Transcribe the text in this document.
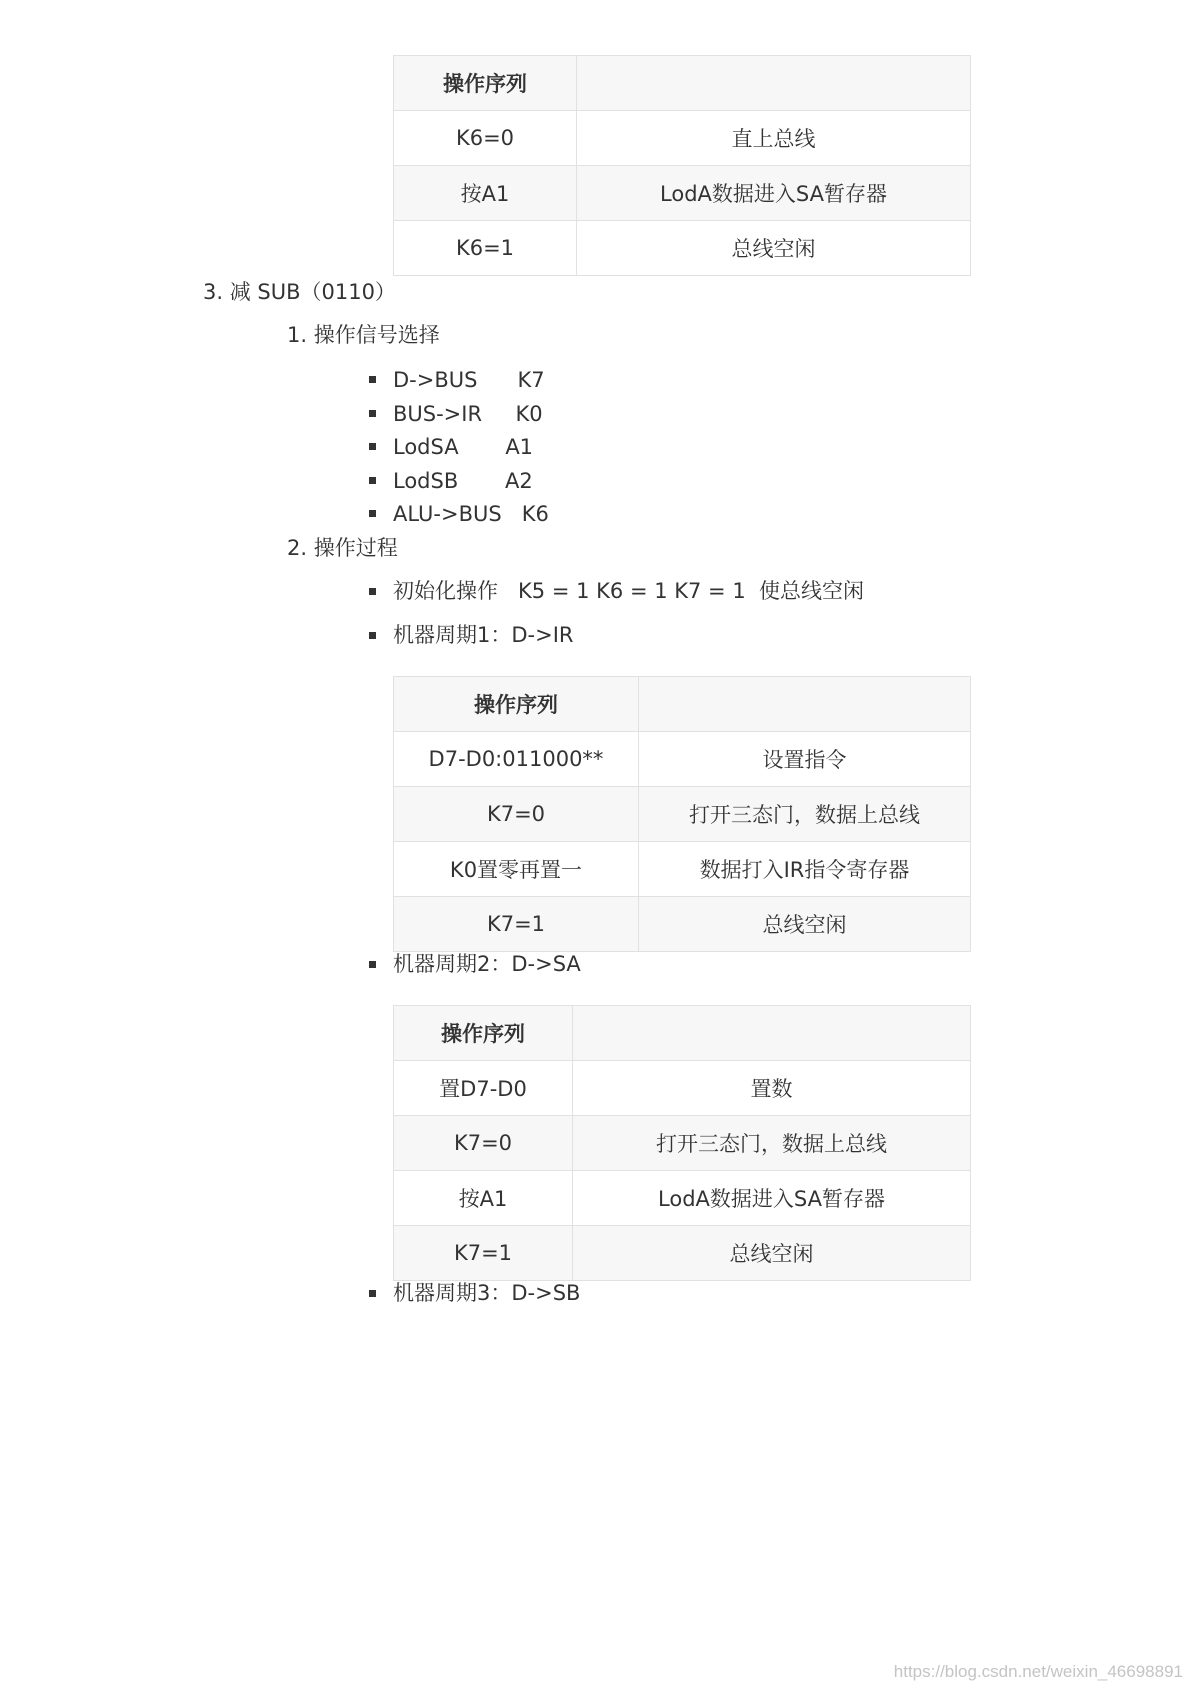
操作序列	
K6=0	直上总线
按A1	LodA数据进入SA暂存器
K6=1	总线空闲
3. 减 SUB（0110）
1. 操作信号选择
D->BUS      K7
BUS->IR     K0
LodSA       A1
LodSB       A2
ALU->BUS   K6
2. 操作过程
初始化操作   K5 = 1 K6 = 1 K7 = 1  使总线空闲
机器周期1：D->IR
操作序列	
D7-D0:011000**	设置指令
K7=0	打开三态门，数据上总线
K0置零再置一	数据打入IR指令寄存器
K7=1	总线空闲
机器周期2：D->SA
操作序列	
置D7-D0	置数
K7=0	打开三态门，数据上总线
按A1	LodA数据进入SA暂存器
K7=1	总线空闲
机器周期3：D->SB
https://blog.csdn.net/weixin_46698891
